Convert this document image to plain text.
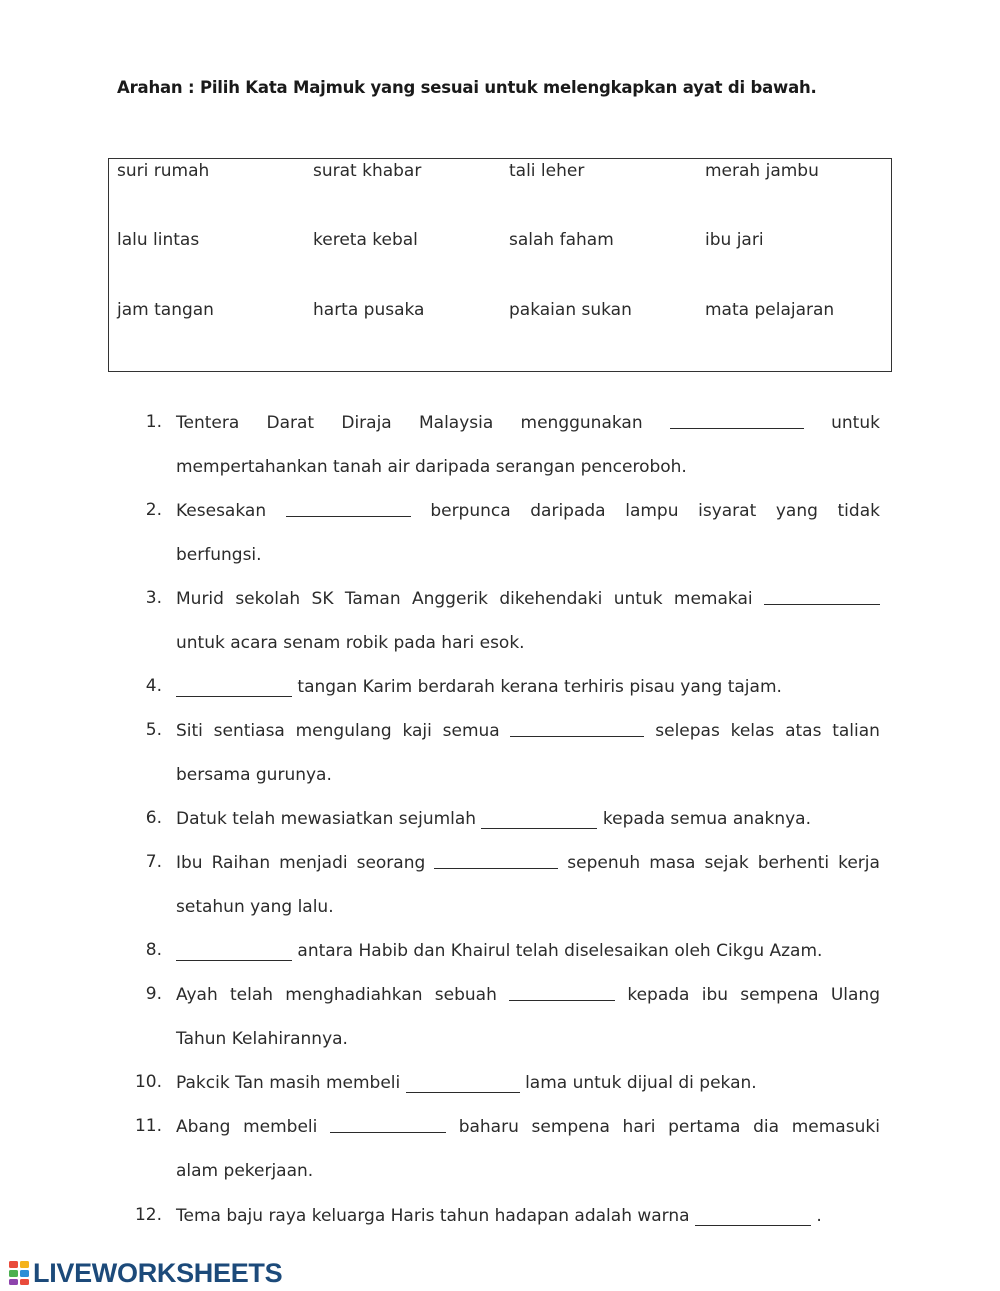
Arahan : Pilih Kata Majmuk yang sesuai untuk melengkapkan ayat di bawah.
suri rumah	surat khabar	tali leher	merah jambu
lalu lintas	kereta kebal	salah faham	ibu jari
jam tangan	harta pusaka	pakaian sukan	mata pelajaran
1. Tentera Darat Diraja Malaysia menggunakan	untuk
mempertahankan tanah air daripada serangan penceroboh.
2. Kesesakan	berpunca daripada lampu isyarat yang tidak
berfungsi.
3. Murid sekolah SK Taman Anggerik dikehendaki untuk memakai
untuk acara senam robik pada hari esok.
4.	tangan Karim berdarah kerana terhiris pisau yang tajam.
5. Siti sentiasa mengulang kaji semua	selepas kelas atas talian
bersama gurunya.
6. Datuk telah mewasiatkan sejumlah	kepada semua anaknya.
7. Ibu Raihan menjadi seorang	sepenuh masa sejak berhenti kerja
setahun yang lalu.
8.	antara Habib dan Khairul telah diselesaikan oleh Cikgu Azam.
9. Ayah telah menghadiahkan sebuah	kepada ibu sempena Ulang
Tahun Kelahirannya.
10. Pakcik Tan masih membeli	lama untuk dijual di pekan.
11. Abang membeli	baharu sempena hari pertama dia memasuki
alam pekerjaan.
12. Tema baju raya keluarga Haris tahun hadapan adalah warna	.
LIVEWORKSHEETS
